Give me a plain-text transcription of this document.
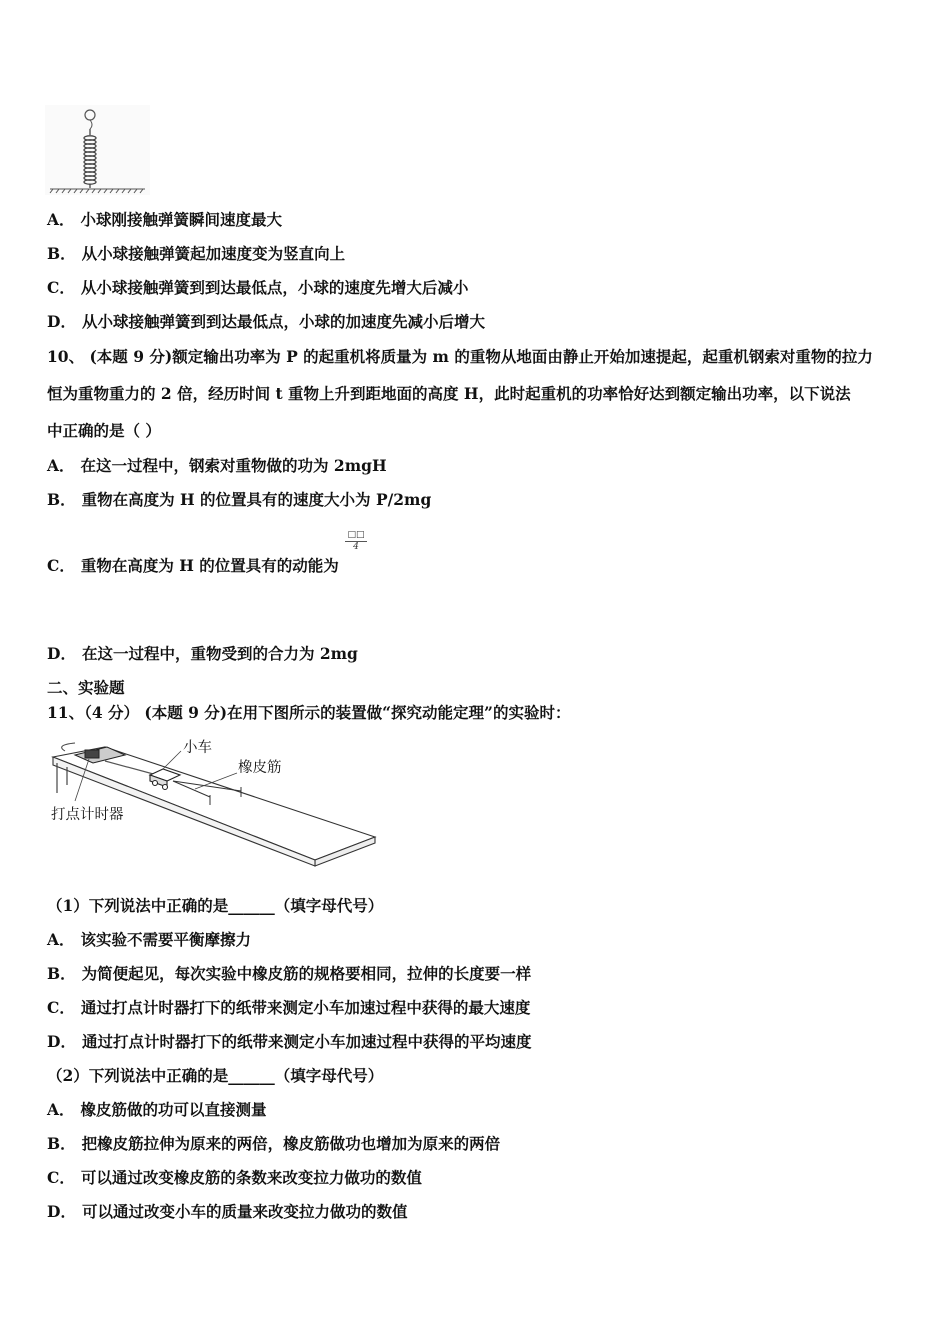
A． 小球刚接触弹簧瞬间速度最大
B． 从小球接触弹簧起加速度变为竖直向上
C． 从小球接触弹簧到到达最低点，小球的速度先增大后减小
D． 从小球接触弹簧到到达最低点，小球的加速度先减小后增大
10、 (本题 9 分)额定输出功率为 P 的起重机将质量为 m 的重物从地面由静止开始加速提起，起重机钢索对重物的拉力
恒为重物重力的 2 倍，经历时间 t 重物上升到距地面的高度 H，此时起重机的功率恰好达到额定输出功率，以下说法
中正确的是（ ）
A． 在这一过程中，钢索对重物做的功为 2mgH
B． 重物在高度为 H 的位置具有的速度大小为 P/2mg
C． 重物在高度为 H 的位置具有的动能为
□□
4
D． 在这一过程中，重物受到的合力为 2mg
二、实验题
11、（4 分） (本题 9 分)在用下图所示的装置做“探究动能定理”的实验时：
小车
橡皮筋
打点计时器
（1）下列说法中正确的是______（填字母代号）
A． 该实验不需要平衡摩擦力
B． 为简便起见，每次实验中橡皮筋的规格要相同，拉伸的长度要一样
C． 通过打点计时器打下的纸带来测定小车加速过程中获得的最大速度
D． 通过打点计时器打下的纸带来测定小车加速过程中获得的平均速度
（2）下列说法中正确的是______（填字母代号）
A． 橡皮筋做的功可以直接测量
B． 把橡皮筋拉伸为原来的两倍，橡皮筋做功也增加为原来的两倍
C． 可以通过改变橡皮筋的条数来改变拉力做功的数值
D． 可以通过改变小车的质量来改变拉力做功的数值
